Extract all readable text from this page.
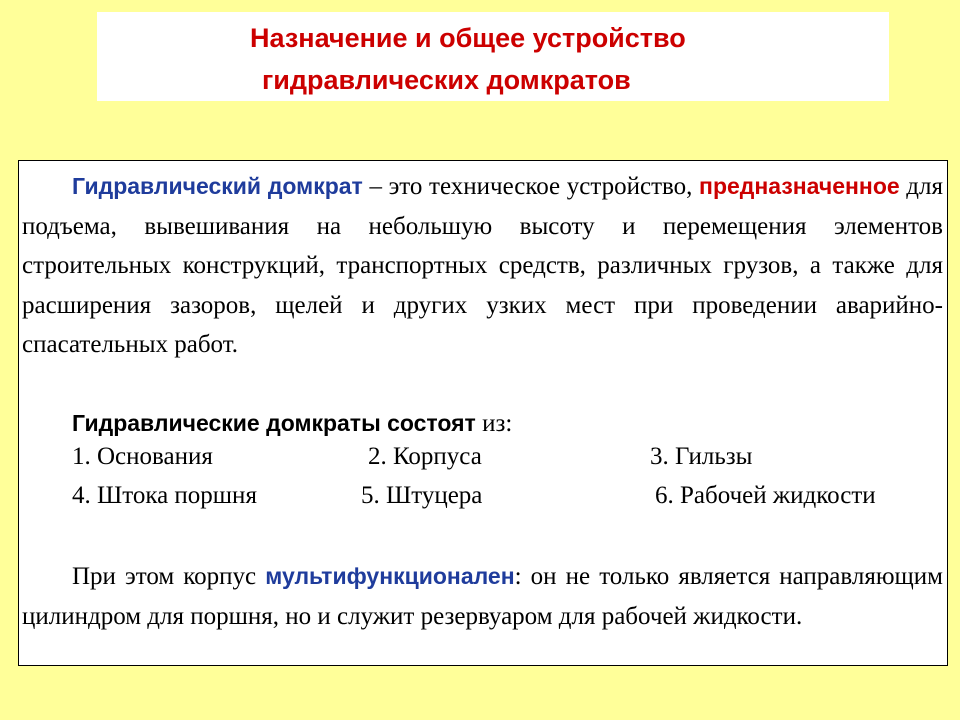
Назначение и общее устройство
гидравлических домкратов
Гидравлический домкрат – это техническое устройство, предназначенное для подъема, вывешивания на небольшую высоту и перемещения элементов строительных конструкций, транспортных средств, различных грузов, а также для расширения зазоров, щелей и других узких мест при проведении аварийно-спасательных работ.
Гидравлические домкраты состоят из:
1. Основания	2. Корпуса	3. Гильзы
4. Штока поршня	5. Штуцера	6. Рабочей жидкости
При этом корпус мультифункционален: он не только является направляющим цилиндром для поршня, но и служит резервуаром для рабочей жидкости.
